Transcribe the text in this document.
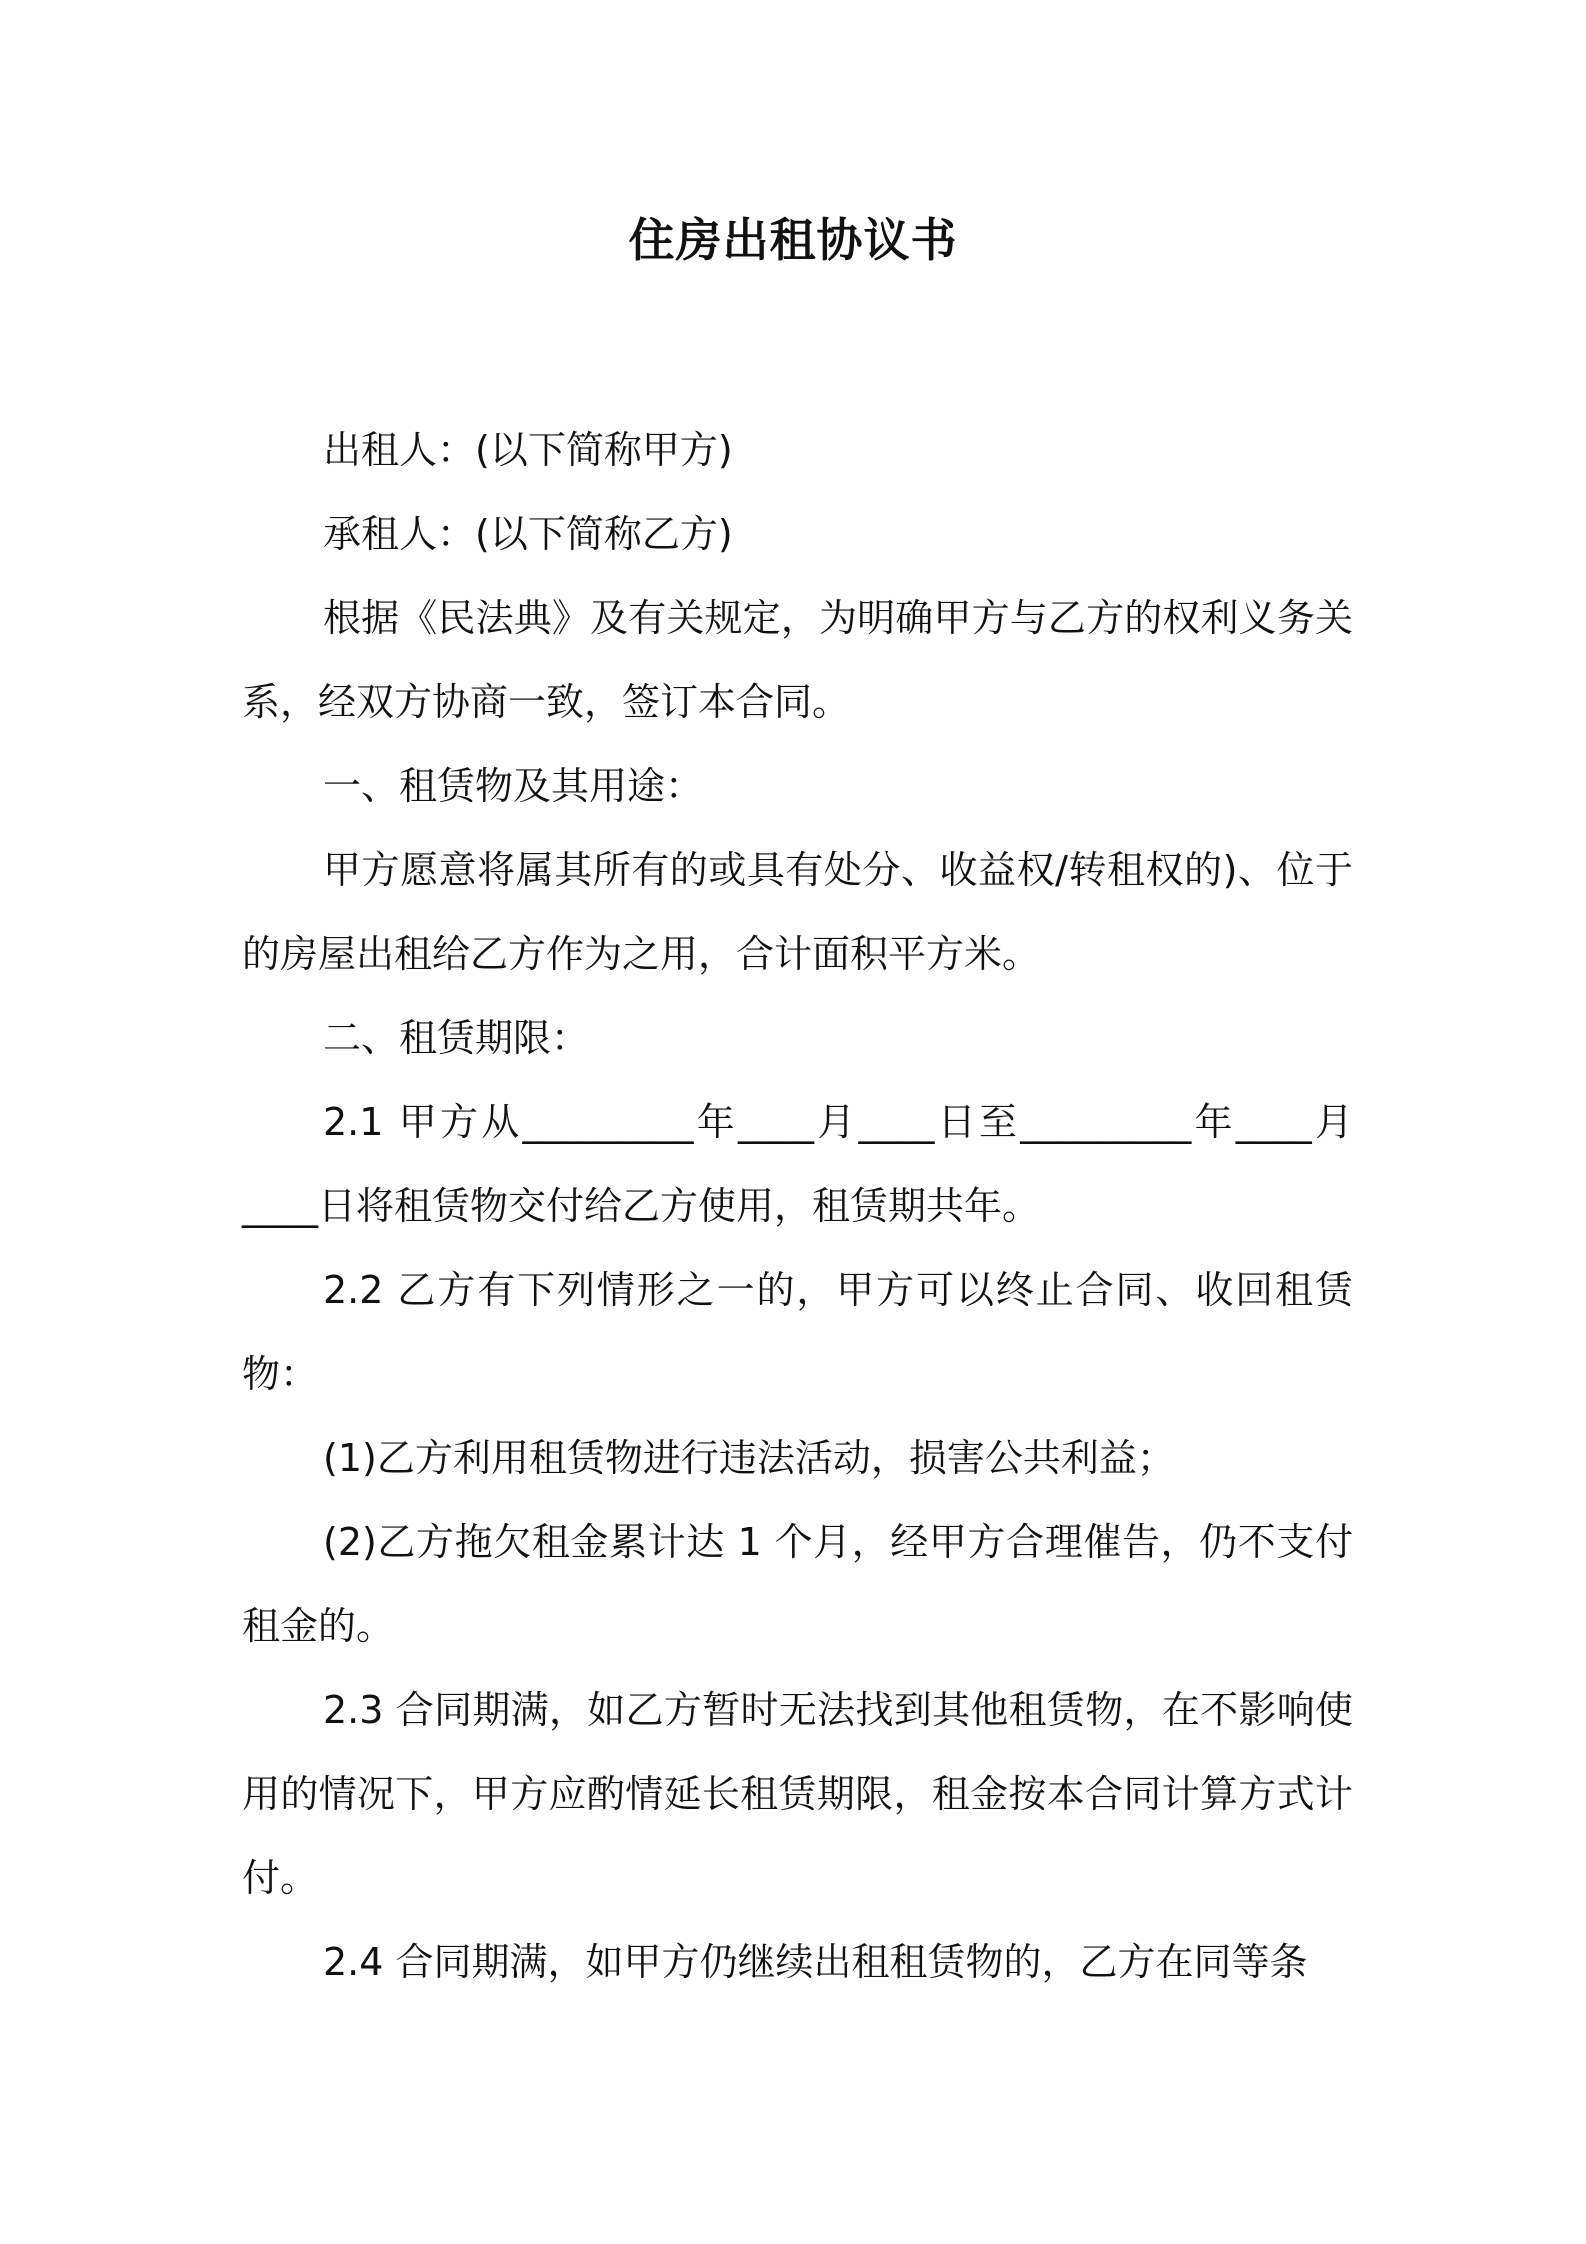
住房出租协议书

出租人：(以下简称甲方)

承租人：(以下简称乙方)

根据《民法典》及有关规定，为明确甲方与乙方的权利义务关系，经双方协商一致，签订本合同。

一、租赁物及其用途：

甲方愿意将属其所有的或具有处分、收益权/转租权的)、位于的房屋出租给乙方作为之用，合计面积平方米。

二、租赁期限：

2.1 甲方从_________年____月____日至_________年____月____日将租赁物交付给乙方使用，租赁期共年。

2.2 乙方有下列情形之一的，甲方可以终止合同、收回租赁物：

(1)乙方利用租赁物进行违法活动，损害公共利益；

(2)乙方拖欠租金累计达 1 个月，经甲方合理催告，仍不支付租金的。

2.3 合同期满，如乙方暂时无法找到其他租赁物，在不影响使用的情况下，甲方应酌情延长租赁期限，租金按本合同计算方式计付。

2.4 合同期满，如甲方仍继续出租租赁物的，乙方在同等条
